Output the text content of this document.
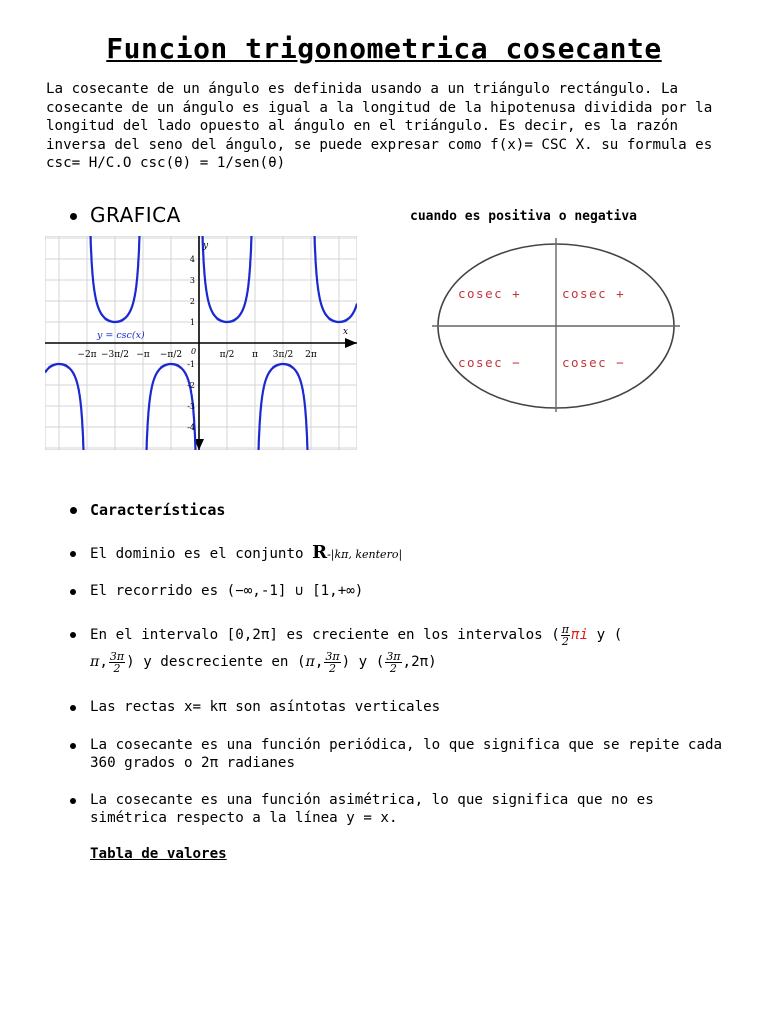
Funcion trigonometrica cosecante

La cosecante de un ángulo es definida usando a un triángulo rectángulo. La cosecante de un ángulo es igual a la longitud de la hipotenusa dividida por la longitud del lado opuesto al ángulo en el triángulo. Es decir, es la razón inversa del seno del ángulo, se puede expresar como f(x)= CSC X. su formula es csc= H/C.O csc(θ) = 1/sen(θ)

GRAFICA	cuando es positiva o negativa
−2π −3π/2 −π −π/2	π/2 π 3π/2 2π
4
3
2
1
-1
-2
-3
-4
y = csc(x)	x
y
0
cosec +	cosec +
cosec −	cosec −
Características
El dominio es el conjunto R-|kπ, kentero|
El recorrido es (−∞,-1] ∪ [1,+∞)
En el intervalo [0,2π] es creciente en los intervalos ( $\frac{\pi}{2}$ πi y (
π, $\frac{3\pi}{2}$ ) y descreciente en (π, $\frac{3\pi}{2}$ ) y ( $\frac{3\pi}{2} ,2\pi$)
Las rectas x= kπ son asíntotas verticales
La cosecante es una función periódica, lo que significa que se repite cada 360 grados o 2π radianes
La cosecante es una función asimétrica, lo que significa que no es simétrica respecto a la línea y = x.
Tabla de valores
